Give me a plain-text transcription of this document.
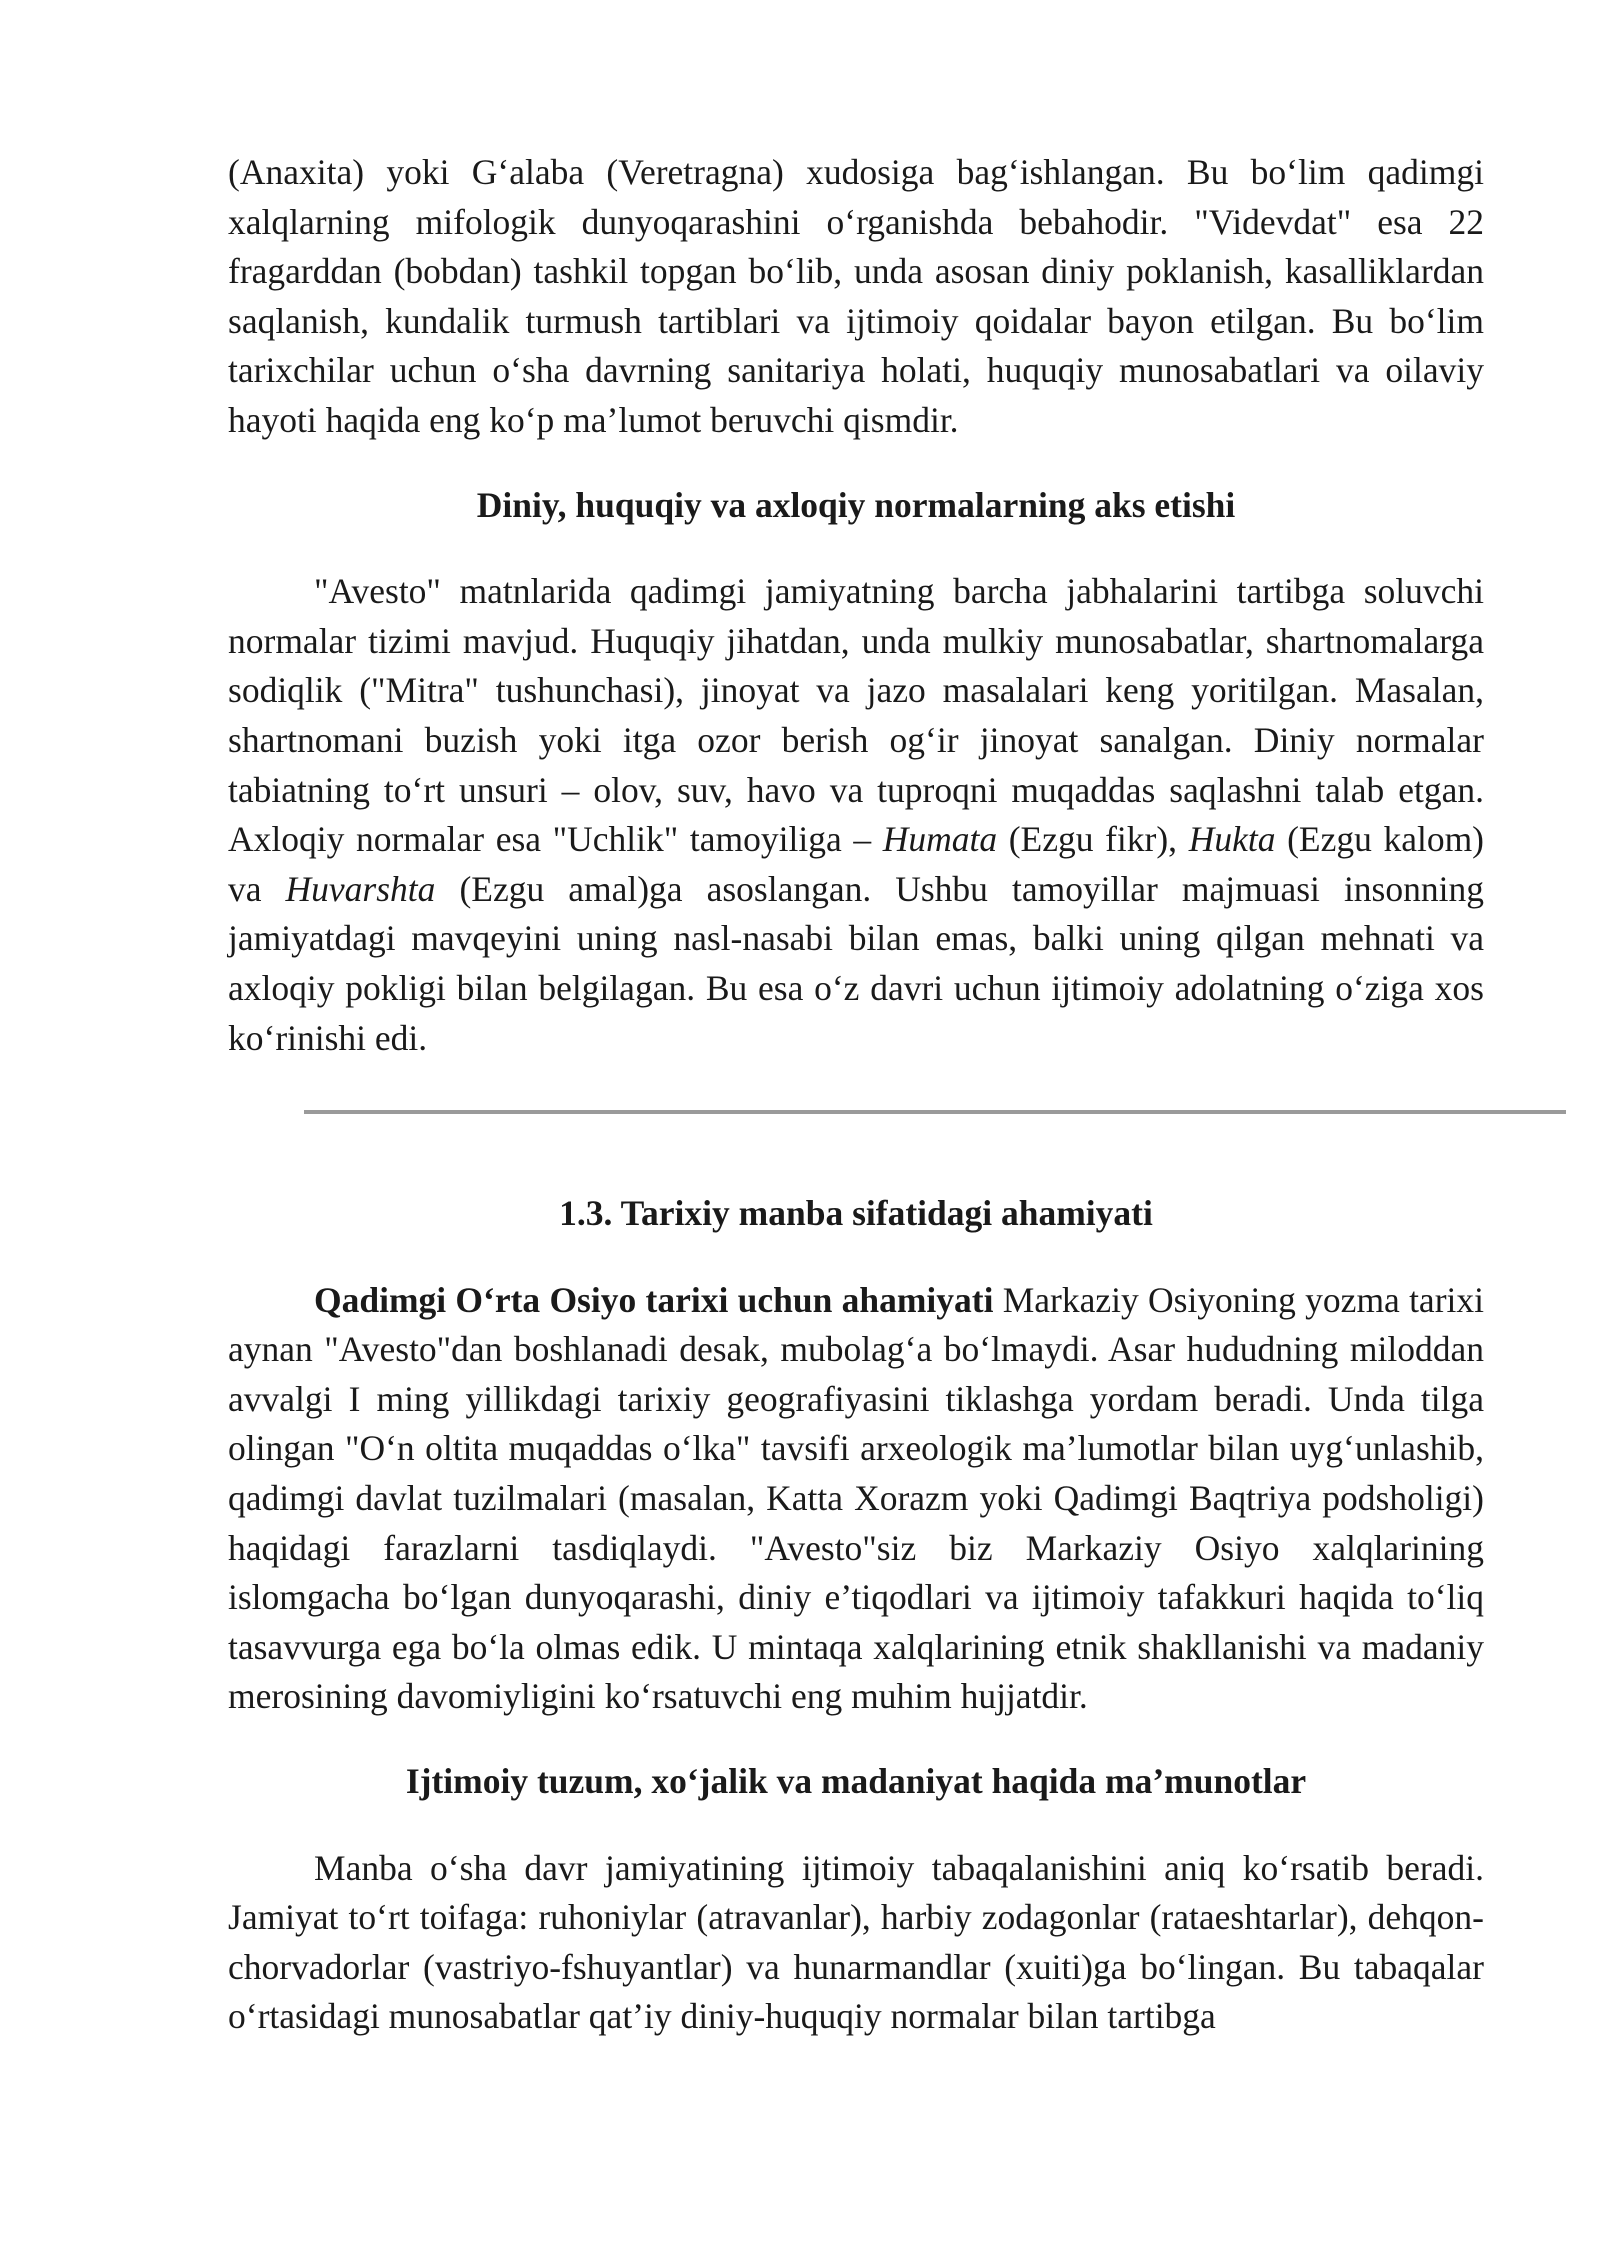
(Anaxita) yoki G‘alaba (Veretragna) xudosiga bag‘ishlangan. Bu bo‘lim qadimgi xalqlarning mifologik dunyoqarashini o‘rganishda bebahodir. "Videvdat" esa 22 fragarddan (bobdan) tashkil topgan bo‘lib, unda asosan diniy poklanish, kasalliklardan saqlanish, kundalik turmush tartiblari va ijtimoiy qoidalar bayon etilgan. Bu bo‘lim tarixchilar uchun o‘sha davrning sanitariya holati, huquqiy munosabatlari va oilaviy hayoti haqida eng ko‘p ma’lumot beruvchi qismdir.

Diniy, huquqiy va axloqiy normalarning aks etishi

"Avesto" matnlarida qadimgi jamiyatning barcha jabhalarini tartibga soluvchi normalar tizimi mavjud. Huquqiy jihatdan, unda mulkiy munosabatlar, shartnomalarga sodiqlik ("Mitra" tushunchasi), jinoyat va jazo masalalari keng yoritilgan. Masalan, shartnomani buzish yoki itga ozor berish og‘ir jinoyat sanalgan. Diniy normalar tabiatning to‘rt unsuri – olov, suv, havo va tuproqni muqaddas saqlashni talab etgan. Axloqiy normalar esa "Uchlik" tamoyiliga – Humata (Ezgu fikr), Hukta (Ezgu kalom) va Huvarshta (Ezgu amal)ga asoslangan. Ushbu tamoyillar majmuasi insonning jamiyatdagi mavqeyini uning nasl-nasabi bilan emas, balki uning qilgan mehnati va axloqiy pokligi bilan belgilagan. Bu esa o‘z davri uchun ijtimoiy adolatning o‘ziga xos ko‘rinishi edi.

1.3. Tarixiy manba sifatidagi ahamiyati

Qadimgi O‘rta Osiyo tarixi uchun ahamiyati Markaziy Osiyoning yozma tarixi aynan "Avesto"dan boshlanadi desak, mubolag‘a bo‘lmaydi. Asar hududning miloddan avvalgi I ming yillikdagi tarixiy geografiyasini tiklashga yordam beradi. Unda tilga olingan "O‘n oltita muqaddas o‘lka" tavsifi arxeologik ma’lumotlar bilan uyg‘unlashib, qadimgi davlat tuzilmalari (masalan, Katta Xorazm yoki Qadimgi Baqtriya podsholigi) haqidagi farazlarni tasdiqlaydi. "Avesto"siz biz Markaziy Osiyo xalqlarining islomgacha bo‘lgan dunyoqarashi, diniy e’tiqodlari va ijtimoiy tafakkuri haqida to‘liq tasavvurga ega bo‘la olmas edik. U mintaqa xalqlarining etnik shakllanishi va madaniy merosining davomiyligini ko‘rsatuvchi eng muhim hujjatdir.

Ijtimoiy tuzum, xo‘jalik va madaniyat haqida ma’munotlar

Manba o‘sha davr jamiyatining ijtimoiy tabaqalanishini aniq ko‘rsatib beradi. Jamiyat to‘rt toifaga: ruhoniylar (atravanlar), harbiy zodagonlar (rataeshtarlar), dehqon-chorvadorlar (vastriyo-fshuyantlar) va hunarmandlar (xuiti)ga bo‘lingan. Bu tabaqalar o‘rtasidagi munosabatlar qat’iy diniy-huquqiy normalar bilan tartibga
